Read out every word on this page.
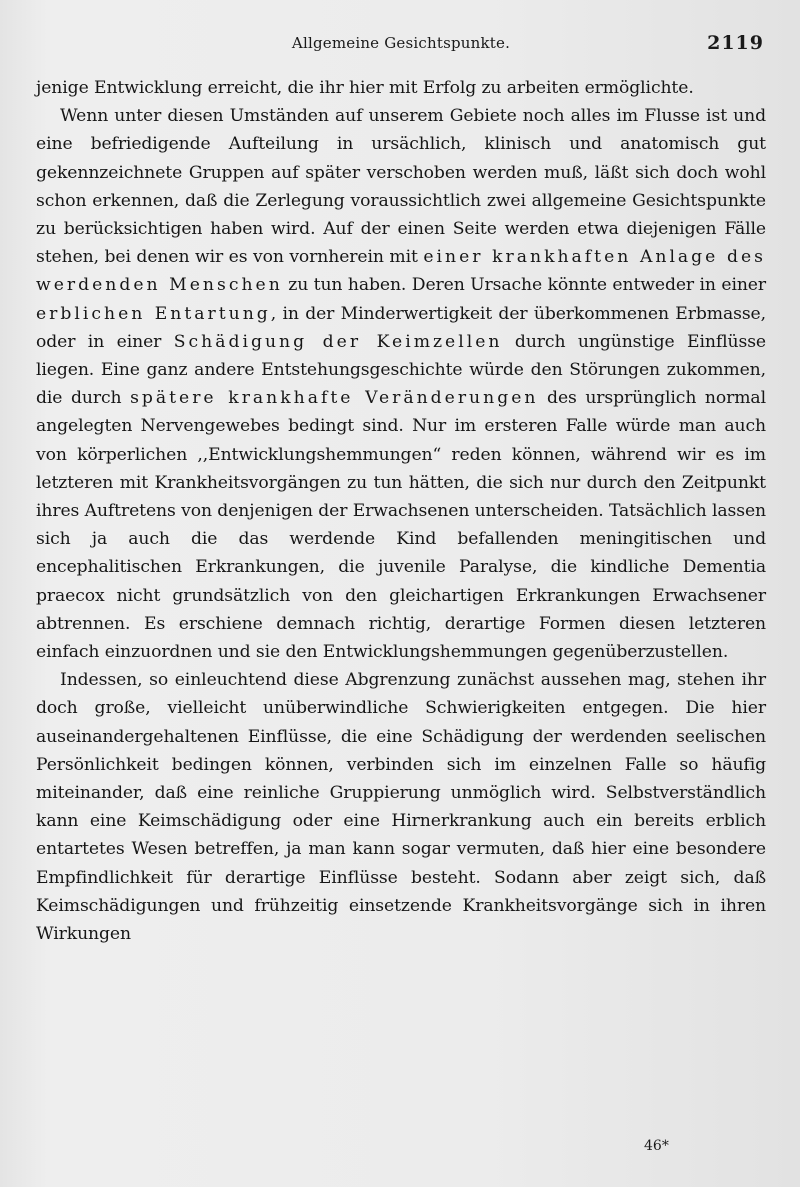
Allgemeine Gesichtspunkte.	2119

jenige Entwicklung erreicht, die ihr hier mit Erfolg zu arbeiten ermöglichte.

Wenn unter diesen Umständen auf unserem Gebiete noch alles im Flusse ist und eine befriedigende Aufteilung in ursächlich, klinisch und anatomisch gut gekennzeichnete Gruppen auf später verschoben werden muß, läßt sich doch wohl schon erkennen, daß die Zerlegung voraussichtlich zwei allgemeine Gesichtspunkte zu berücksichtigen haben wird. Auf der einen Seite werden etwa diejenigen Fälle stehen, bei denen wir es von vornherein mit einer krankhaften Anlage des werdenden Menschen zu tun haben. Deren Ursache könnte entweder in einer erblichen Entartung, in der Minderwertigkeit der überkommenen Erbmasse, oder in einer Schädigung der Keimzellen durch ungünstige Einflüsse liegen. Eine ganz andere Entstehungsgeschichte würde den Störungen zukommen, die durch spätere krankhafte Veränderungen des ursprünglich normal angelegten Nervengewebes bedingt sind. Nur im ersteren Falle würde man auch von körperlichen ,,Entwicklungshemmungen“ reden können, während wir es im letzteren mit Krankheitsvorgängen zu tun hätten, die sich nur durch den Zeitpunkt ihres Auftretens von denjenigen der Erwachsenen unterscheiden. Tatsächlich lassen sich ja auch die das werdende Kind befallenden meningitischen und encephalitischen Erkrankungen, die juvenile Paralyse, die kindliche Dementia praecox nicht grundsätzlich von den gleichartigen Erkrankungen Erwachsener abtrennen. Es erschiene demnach richtig, derartige Formen diesen letzteren einfach einzuordnen und sie den Entwicklungshemmungen gegenüberzustellen.

Indessen, so einleuchtend diese Abgrenzung zunächst aussehen mag, stehen ihr doch große, vielleicht unüberwindliche Schwierigkeiten entgegen. Die hier auseinandergehaltenen Einflüsse, die eine Schädigung der werdenden seelischen Persönlichkeit bedingen können, verbinden sich im einzelnen Falle so häufig miteinander, daß eine reinliche Gruppierung unmöglich wird. Selbstverständlich kann eine Keimschädigung oder eine Hirnerkrankung auch ein bereits erblich entartetes Wesen betreffen, ja man kann sogar vermuten, daß hier eine besondere Empfindlichkeit für derartige Einflüsse besteht. Sodann aber zeigt sich, daß Keimschädigungen und frühzeitig einsetzende Krankheitsvorgänge sich in ihren Wirkungen

46*
